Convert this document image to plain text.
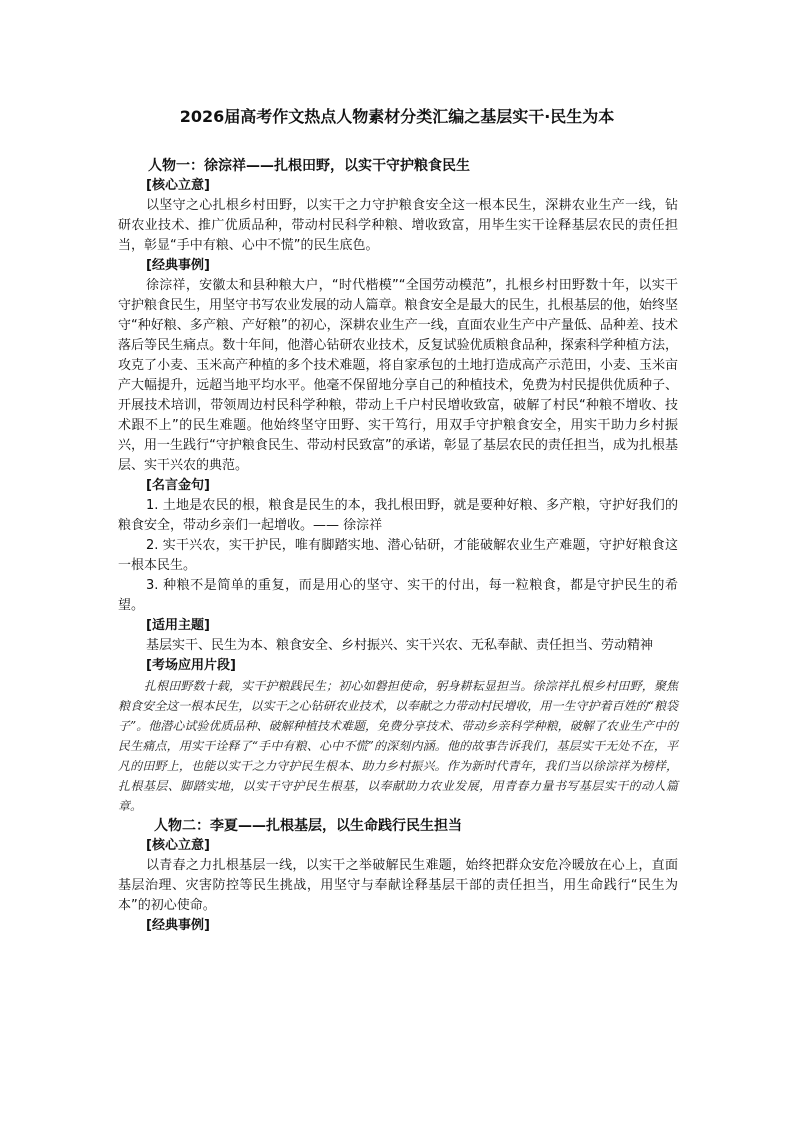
2026届高考作文热点人物素材分类汇编之基层实干·民生为本

人物一：徐淙祥——扎根田野，以实干守护粮食民生

[核心立意]

以坚守之心扎根乡村田野，以实干之力守护粮食安全这一根本民生，深耕农业生产一线，钻研农业技术、推广优质品种，带动村民科学种粮、增收致富，用毕生实干诠释基层农民的责任担当，彰显“手中有粮、心中不慌”的民生底色。

[经典事例]

徐淙祥，安徽太和县种粮大户，“时代楷模”“全国劳动模范”，扎根乡村田野数十年，以实干守护粮食民生，用坚守书写农业发展的动人篇章。粮食安全是最大的民生，扎根基层的他，始终坚守“种好粮、多产粮、产好粮”的初心，深耕农业生产一线，直面农业生产中产量低、品种差、技术落后等民生痛点。数十年间，他潜心钻研农业技术，反复试验优质粮食品种，探索科学种植方法，攻克了小麦、玉米高产种植的多个技术难题，将自家承包的土地打造成高产示范田，小麦、玉米亩产大幅提升，远超当地平均水平。他毫不保留地分享自己的种植技术，免费为村民提供优质种子、开展技术培训，带领周边村民科学种粮，带动上千户村民增收致富，破解了村民“种粮不增收、技术跟不上”的民生难题。他始终坚守田野、实干笃行，用双手守护粮食安全，用实干助力乡村振兴，用一生践行“守护粮食民生、带动村民致富”的承诺，彰显了基层农民的责任担当，成为扎根基层、实干兴农的典范。

[名言金句]

1. 土地是农民的根，粮食是民生的本，我扎根田野，就是要种好粮、多产粮，守护好我们的粮食安全，带动乡亲们一起增收。—— 徐淙祥

2. 实干兴农，实干护民，唯有脚踏实地、潜心钻研，才能破解农业生产难题，守护好粮食这一根本民生。

3. 种粮不是简单的重复，而是用心的坚守、实干的付出，每一粒粮食，都是守护民生的希望。

[适用主题]

基层实干、民生为本、粮食安全、乡村振兴、实干兴农、无私奉献、责任担当、劳动精神

[考场应用片段]

扎根田野数十载，实干护粮践民生；初心如磐担使命，躬身耕耘显担当。徐淙祥扎根乡村田野，聚焦粮食安全这一根本民生，以实干之心钻研农业技术，以奉献之力带动村民增收，用一生守护着百姓的“粮袋子”。他潜心试验优质品种、破解种植技术难题，免费分享技术、带动乡亲科学种粮，破解了农业生产中的民生痛点，用实干诠释了“手中有粮、心中不慌”的深刻内涵。他的故事告诉我们，基层实干无处不在，平凡的田野上，也能以实干之力守护民生根本、助力乡村振兴。作为新时代青年，我们当以徐淙祥为榜样，扎根基层、脚踏实地，以实干守护民生根基，以奉献助力农业发展，用青春力量书写基层实干的动人篇章。

人物二：李夏——扎根基层，以生命践行民生担当

[核心立意]

以青春之力扎根基层一线，以实干之举破解民生难题，始终把群众安危冷暖放在心上，直面基层治理、灾害防控等民生挑战，用坚守与奉献诠释基层干部的责任担当，用生命践行“民生为本”的初心使命。

[经典事例]
